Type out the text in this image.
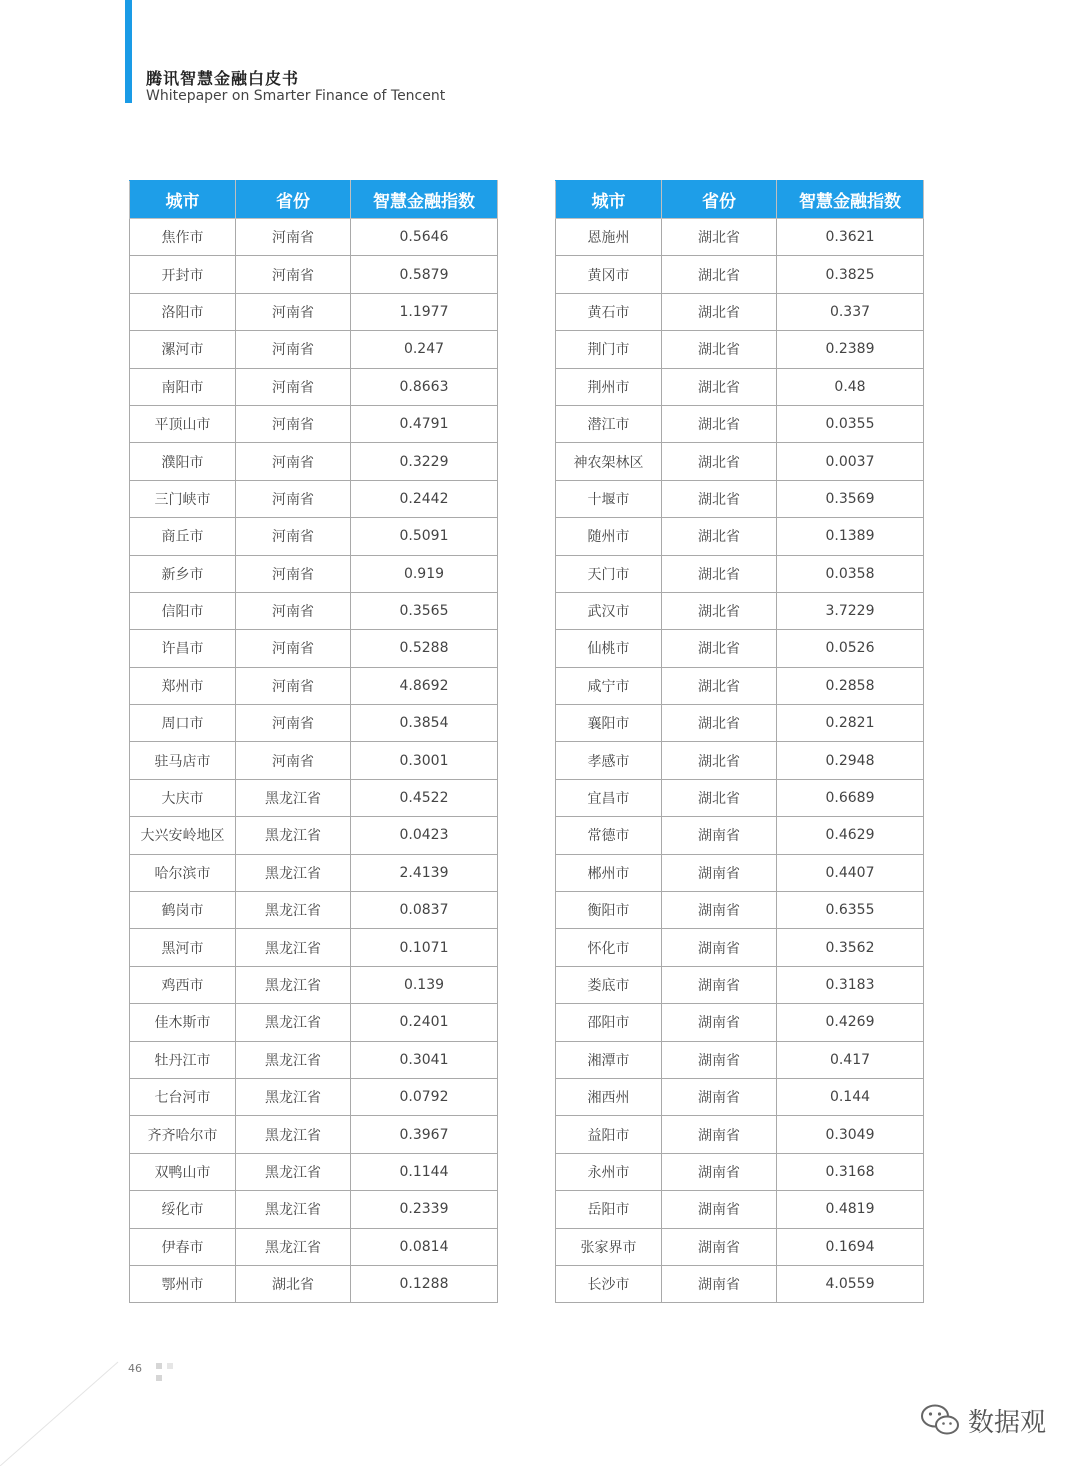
腾讯智慧金融白皮书
Whitepaper on Smarter Finance of Tencent
城市	省份	智慧金融指数
焦作市	河南省	0.5646
开封市	河南省	0.5879
洛阳市	河南省	1.1977
漯河市	河南省	0.247
南阳市	河南省	0.8663
平顶山市	河南省	0.4791
濮阳市	河南省	0.3229
三门峡市	河南省	0.2442
商丘市	河南省	0.5091
新乡市	河南省	0.919
信阳市	河南省	0.3565
许昌市	河南省	0.5288
郑州市	河南省	4.8692
周口市	河南省	0.3854
驻马店市	河南省	0.3001
大庆市	黑龙江省	0.4522
大兴安岭地区	黑龙江省	0.0423
哈尔滨市	黑龙江省	2.4139
鹤岗市	黑龙江省	0.0837
黑河市	黑龙江省	0.1071
鸡西市	黑龙江省	0.139
佳木斯市	黑龙江省	0.2401
牡丹江市	黑龙江省	0.3041
七台河市	黑龙江省	0.0792
齐齐哈尔市	黑龙江省	0.3967
双鸭山市	黑龙江省	0.1144
绥化市	黑龙江省	0.2339
伊春市	黑龙江省	0.0814
鄂州市	湖北省	0.1288
城市	省份	智慧金融指数
恩施州	湖北省	0.3621
黄冈市	湖北省	0.3825
黄石市	湖北省	0.337
荆门市	湖北省	0.2389
荆州市	湖北省	0.48
潜江市	湖北省	0.0355
神农架林区	湖北省	0.0037
十堰市	湖北省	0.3569
随州市	湖北省	0.1389
天门市	湖北省	0.0358
武汉市	湖北省	3.7229
仙桃市	湖北省	0.0526
咸宁市	湖北省	0.2858
襄阳市	湖北省	0.2821
孝感市	湖北省	0.2948
宜昌市	湖北省	0.6689
常德市	湖南省	0.4629
郴州市	湖南省	0.4407
衡阳市	湖南省	0.6355
怀化市	湖南省	0.3562
娄底市	湖南省	0.3183
邵阳市	湖南省	0.4269
湘潭市	湖南省	0.417
湘西州	湖南省	0.144
益阳市	湖南省	0.3049
永州市	湖南省	0.3168
岳阳市	湖南省	0.4819
张家界市	湖南省	0.1694
长沙市	湖南省	4.0559
46
数据观
